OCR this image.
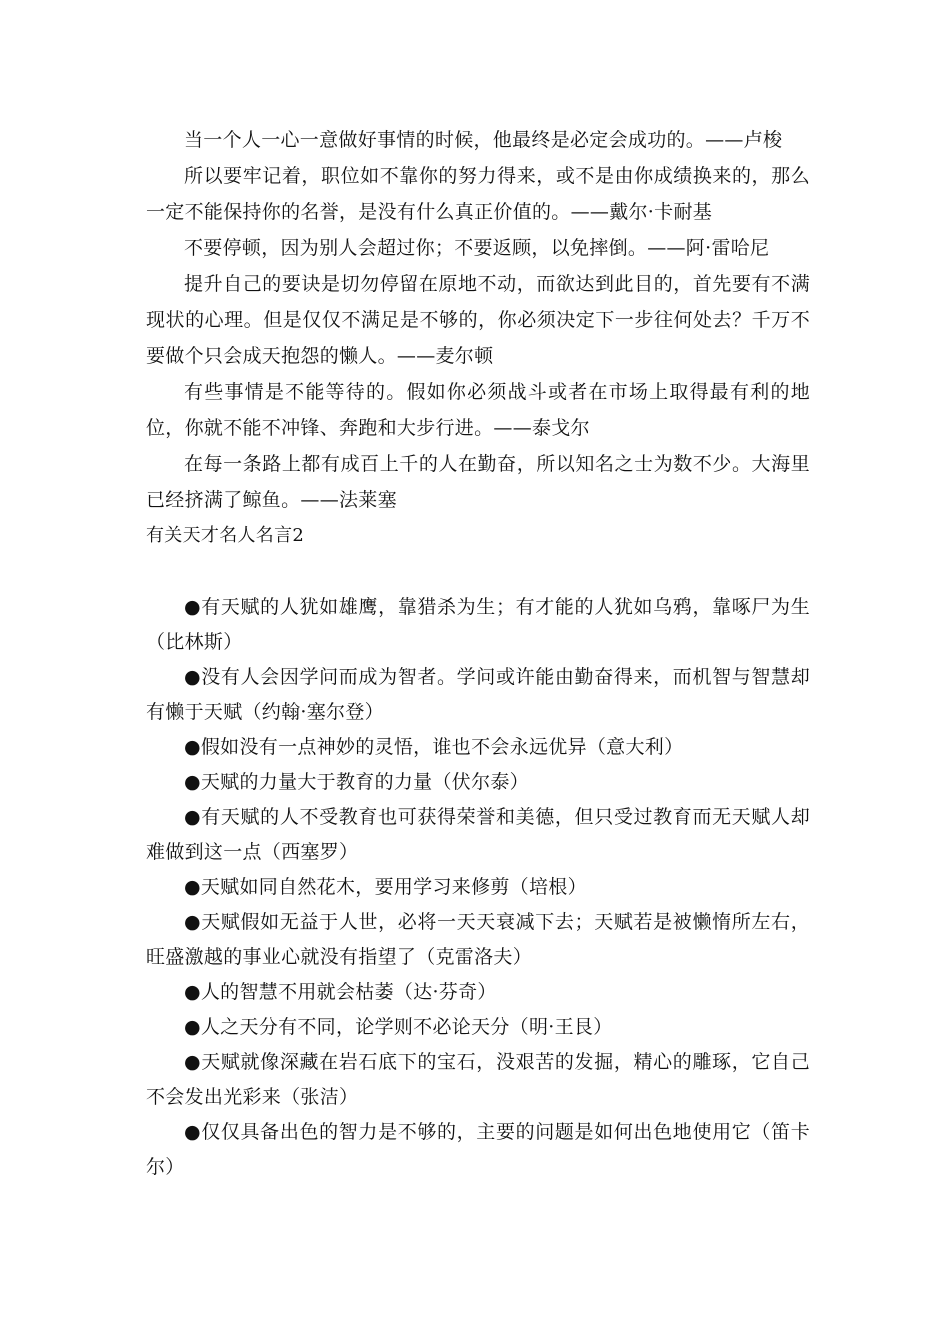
当一个人一心一意做好事情的时候，他最终是必定会成功的。——卢梭

所以要牢记着，职位如不靠你的努力得来，或不是由你成绩换来的，那么一定不能保持你的名誉，是没有什么真正价值的。——戴尔·卡耐基

不要停顿，因为别人会超过你；不要返顾，以免摔倒。——阿·雷哈尼

提升自己的要诀是切勿停留在原地不动，而欲达到此目的，首先要有不满现状的心理。但是仅仅不满足是不够的，你必须决定下一步往何处去？千万不要做个只会成天抱怨的懒人。——麦尔顿

有些事情是不能等待的。假如你必须战斗或者在市场上取得最有利的地位，你就不能不冲锋、奔跑和大步行进。——泰戈尔

在每一条路上都有成百上千的人在勤奋，所以知名之士为数不少。大海里已经挤满了鲸鱼。——法莱塞

有关天才名人名言2

●有天赋的人犹如雄鹰，靠猎杀为生；有才能的人犹如乌鸦，靠啄尸为生（比林斯）

●没有人会因学问而成为智者。学问或许能由勤奋得来，而机智与智慧却有懒于天赋（约翰·塞尔登）

●假如没有一点神妙的灵悟，谁也不会永远优异（意大利）

●天赋的力量大于教育的力量（伏尔泰）

●有天赋的人不受教育也可获得荣誉和美德，但只受过教育而无天赋人却难做到这一点（西塞罗）

●天赋如同自然花木，要用学习来修剪（培根）

●天赋假如无益于人世，必将一天天衰减下去；天赋若是被懒惰所左右，旺盛激越的事业心就没有指望了（克雷洛夫）

●人的智慧不用就会枯萎（达·芬奇）

●人之天分有不同，论学则不必论天分（明·王艮）

●天赋就像深藏在岩石底下的宝石，没艰苦的发掘，精心的雕琢，它自己不会发出光彩来（张洁）

●仅仅具备出色的智力是不够的，主要的问题是如何出色地使用它（笛卡尔）
